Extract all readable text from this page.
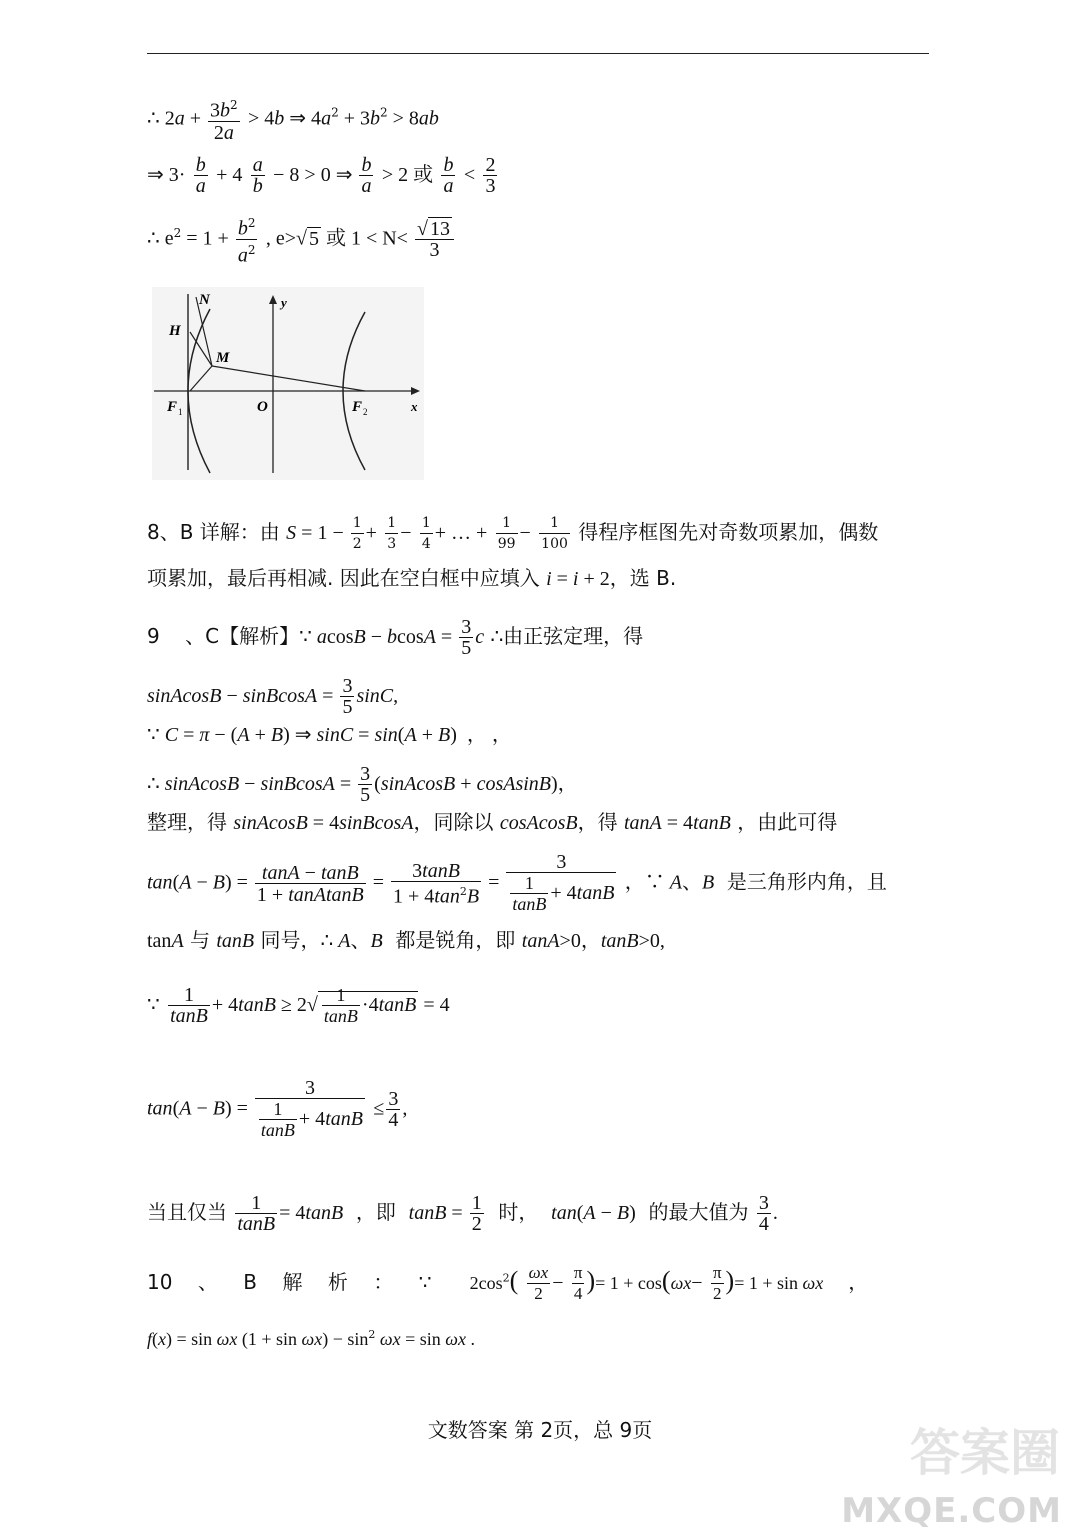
∴ $2a + \frac{3b^2}{2a} > 4b$ ⇒ $4a^2 + 3b^2 > 8ab$
⇒ $3\cdot \frac{b}{a} + 4 \frac{a}{b} - 8 > 0$ ⇒ $\frac{b}{a} > 2$ 或 $\frac{b}{a} < \frac{2}{3}$
∴ $e^2 = 1 + \frac{b^2}{a^2}$ , e>√ 5 或 $1 < N< \frac{√ 13}{3}$
N
H
M
y
F 1	O	F 2	x
8、B 详解：由 $S = 1 - \frac{1}{2} + \frac{1}{3} - \frac{1}{4}$ + … + $\frac{1}{99} - \frac{1}{100}$ 得程序框图先对奇数项累加，偶数
项累加，最后再相减. 因此在空白框中应填入 i = i + 2，选 B.
9    、C【解析】∵ $acosB - bcosA = \frac{3}{5}$ c ∴由正弦定理，得
sinAcosB − sinBcosA = $\frac{3}{5} \sin C$,
∵ C = π − (A + B) ⇒ sinC = sin(A + B)  ， ，
∴ sinAcosB − sinBcosA = $\frac{3}{5}$ (sinAcosB + cosAsinB)，
整理，得 sinAcosB = 4sinBcosA，同除以 cosAcosB，得 tanA = 4tanB ，由此可得
$\tan(A - B) = \frac{\tan A - \tan B}{\text{1 + tanAtanB}} = \frac{3\tan B}{1 + 4\tan^2B} = \frac{3}{\frac{1}{\tan B} + 4\tan B}$ ，∵ A、B  是三角形内角，且
tanA 与 tanB 同号，∴ A、B  都是锐角，即 tanA>0，tanB>0,
∵ $\frac{1}{\tan B} + 4\tan B \ge 2√ \frac{1}{\tan B} \cdot 4\tan B = 4$
$\tan(A - B) = \frac{3}{\frac{1}{\tan B} + 4\tan B} \le \frac{3}{4}$ ,
当且仅当 $\frac{1}{\tan B} = 4\tan B$  ，即  $\tan B = \frac{1}{2}$ 时，  tan(A − B)  的最大值为 $\frac{3}{4}$ .
10    、    B    解    析    ：    ∵      $2\cos^2( \frac{\omega x}{2} - \frac{\pi}{4}$ )= $1 + \cos(\omega x- \frac{\pi}{2}$ )= 1 + sin ωx     ，
f(x) = sin ωx $(1 + \sin \omega x) - \sin^2 \omega x = \sin \omega x$ .
文数答案 第 2页，总 9页	答案圈
MXQE.COM
